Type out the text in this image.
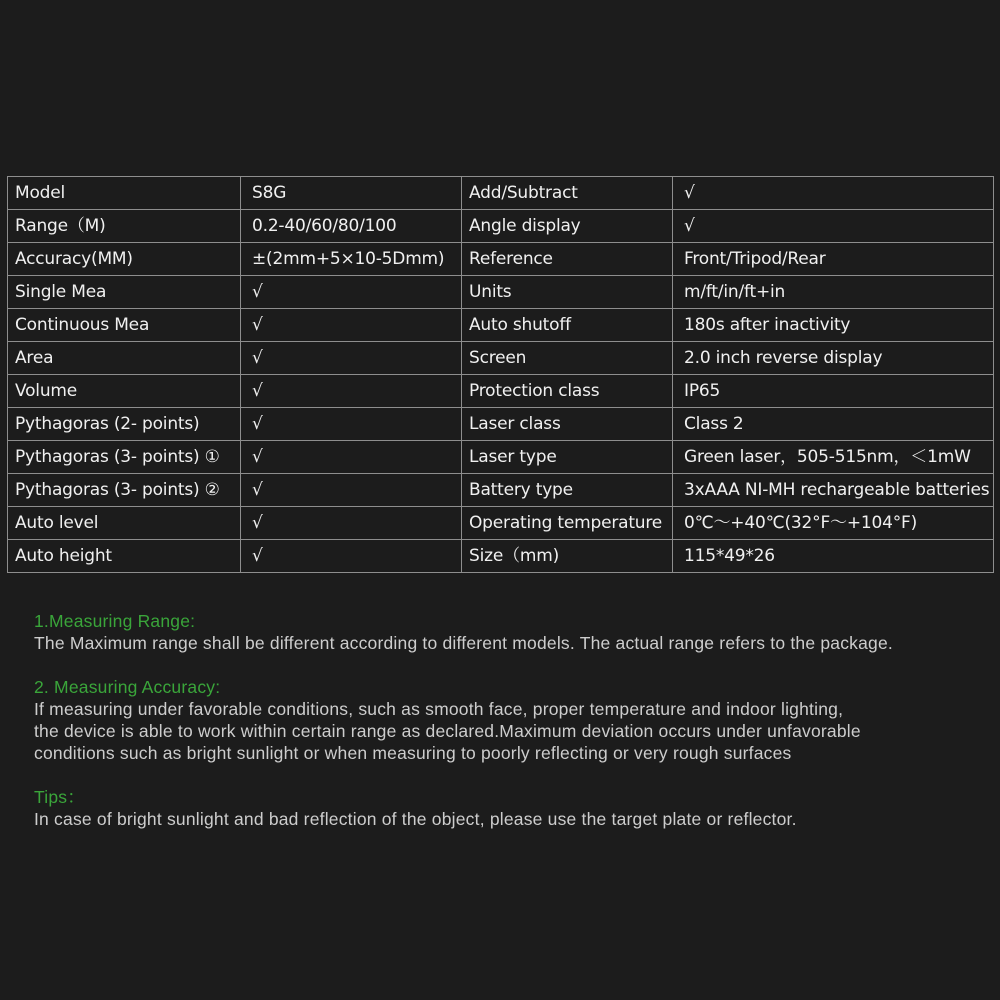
Model	S8G	Add/Subtract	√
Range（M)	0.2-40/60/80/100	Angle display	√
Accuracy(MM)	±(2mm+5×10-5Dmm)	Reference	Front/Tripod/Rear
Single Mea	√	Units	m/ft/in/ft+in
Continuous Mea	√	Auto shutoff	180s after inactivity
Area	√	Screen	2.0 inch reverse display
Volume	√	Protection class	IP65
Pythagoras (2- points)	√	Laser class	Class 2
Pythagoras (3- points) ①	√	Laser type	Green laser，505-515nm，＜1mW
Pythagoras (3- points) ②	√	Battery type	3xAAA NI-MH rechargeable batteries
Auto level	√	Operating temperature	0℃～+40℃(32°F～+104°F)
Auto height	√	Size（mm)	115*49*26
1.Measuring Range:
The Maximum range shall be different according to different models. The actual range refers to the package.
2. Measuring Accuracy:
If measuring under favorable conditions, such as smooth face, proper temperature and indoor lighting,
the device is able to work within certain range as declared.Maximum deviation occurs under unfavorable
conditions such as bright sunlight or when measuring to poorly reflecting or very rough surfaces
Tips：
In case of bright sunlight and bad reflection of the object, please use the target plate or reflector.
